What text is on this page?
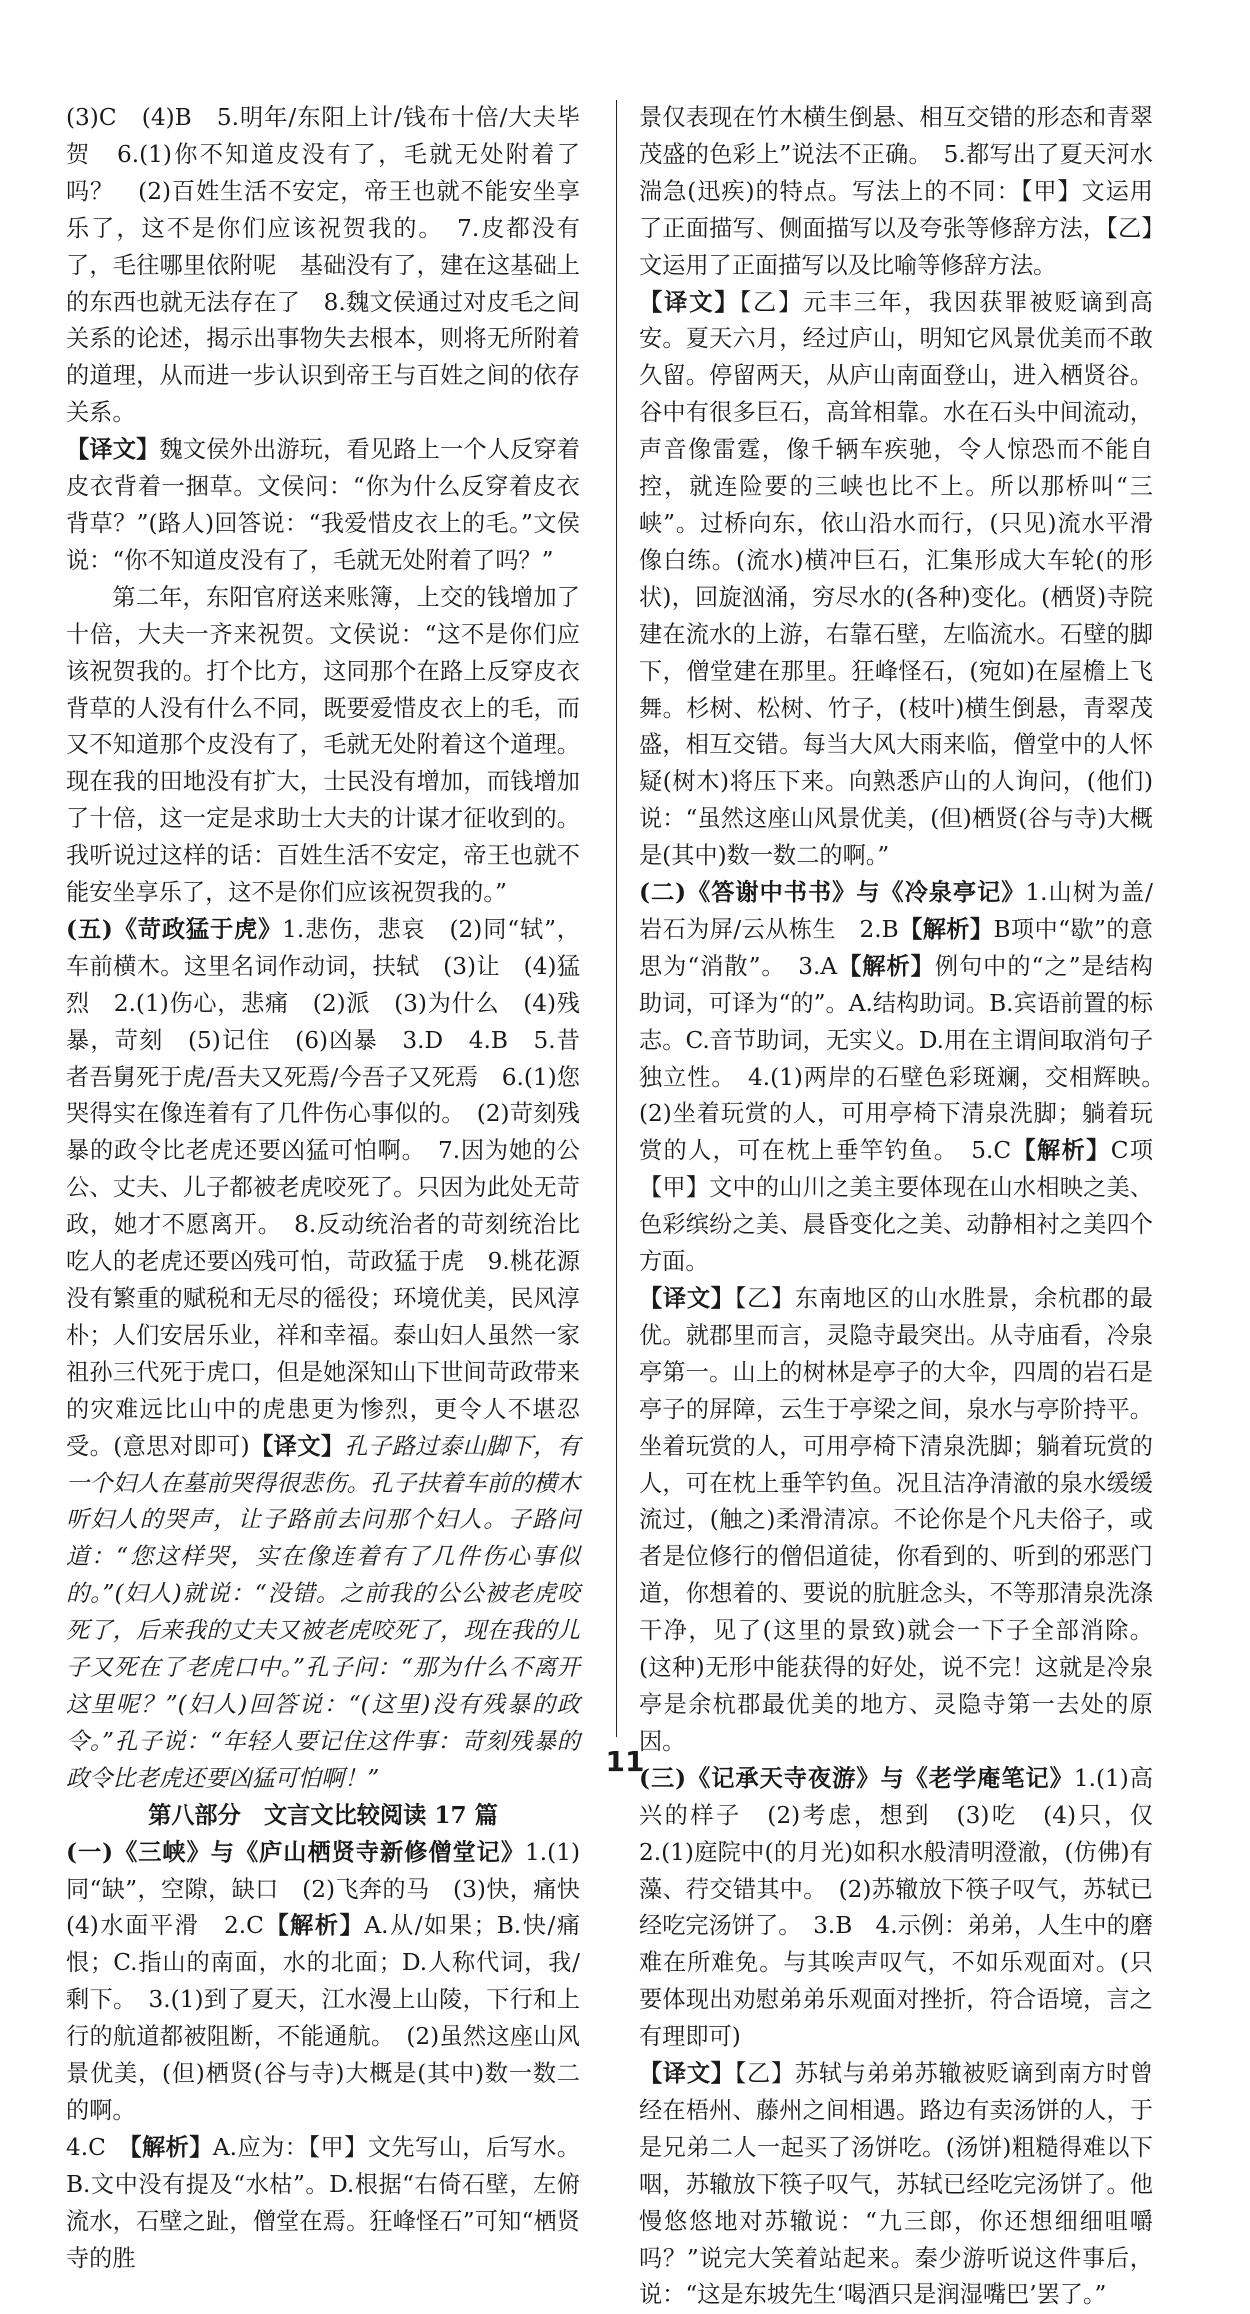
(3)C　(4)B　5.明年/东阳上计/钱布十倍/大夫毕贺　6.(1)你不知道皮没有了，毛就无处附着了吗？　(2)百姓生活不安定，帝王也就不能安坐享乐了，这不是你们应该祝贺我的。　7.皮都没有了，毛往哪里依附呢　基础没有了，建在这基础上的东西也就无法存在了　8.魏文侯通过对皮毛之间关系的论述，揭示出事物失去根本，则将无所附着的道理，从而进一步认识到帝王与百姓之间的依存关系。

【译文】魏文侯外出游玩，看见路上一个人反穿着皮衣背着一捆草。文侯问：“你为什么反穿着皮衣背草？”(路人)回答说：“我爱惜皮衣上的毛。”文侯说：“你不知道皮没有了，毛就无处附着了吗？”

第二年，东阳官府送来账簿，上交的钱增加了十倍，大夫一齐来祝贺。文侯说：“这不是你们应该祝贺我的。打个比方，这同那个在路上反穿皮衣背草的人没有什么不同，既要爱惜皮衣上的毛，而又不知道那个皮没有了，毛就无处附着这个道理。现在我的田地没有扩大，士民没有增加，而钱增加了十倍，这一定是求助士大夫的计谋才征收到的。我听说过这样的话：百姓生活不安定，帝王也就不能安坐享乐了，这不是你们应该祝贺我的。”

(五)《苛政猛于虎》1.悲伤，悲哀　(2)同“轼”，车前横木。这里名词作动词，扶轼　(3)让　(4)猛烈　2.(1)伤心，悲痛　(2)派　(3)为什么　(4)残暴，苛刻　(5)记住　(6)凶暴　3.D　4.B　5.昔者吾舅死于虎/吾夫又死焉/今吾子又死焉　6.(1)您哭得实在像连着有了几件伤心事似的。　(2)苛刻残暴的政令比老虎还要凶猛可怕啊。　7.因为她的公公、丈夫、儿子都被老虎咬死了。只因为此处无苛政，她才不愿离开。　8.反动统治者的苛刻统治比吃人的老虎还要凶残可怕，苛政猛于虎　9.桃花源没有繁重的赋税和无尽的徭役；环境优美，民风淳朴；人们安居乐业，祥和幸福。泰山妇人虽然一家祖孙三代死于虎口，但是她深知山下世间苛政带来的灾难远比山中的虎患更为惨烈，更令人不堪忍受。(意思对即可)【译文】孔子路过泰山脚下，有一个妇人在墓前哭得很悲伤。孔子扶着车前的横木听妇人的哭声，让子路前去问那个妇人。子路问道：“您这样哭，实在像连着有了几件伤心事似的。”(妇人)就说：“没错。之前我的公公被老虎咬死了，后来我的丈夫又被老虎咬死了，现在我的儿子又死在了老虎口中。”孔子问：“那为什么不离开这里呢？”(妇人)回答说：“(这里)没有残暴的政令。”孔子说：“年轻人要记住这件事：苛刻残暴的政令比老虎还要凶猛可怕啊！”

第八部分　文言文比较阅读 17 篇

(一)《三峡》与《庐山栖贤寺新修僧堂记》1.(1)同“缺”，空隙，缺口　(2)飞奔的马　(3)快，痛快　(4)水面平滑　2.C【解析】A.从/如果；B.快/痛恨；C.指山的南面，水的北面；D.人称代词，我/剩下。　3.(1)到了夏天，江水漫上山陵，下行和上行的航道都被阻断，不能通航。　(2)虽然这座山风景优美，(但)栖贤(谷与寺)大概是(其中)数一数二的啊。

4.C　 【解析】A.应为：【甲】文先写山，后写水。B.文中没有提及“水枯”。D.根据“右倚石壁，左俯流水，石壁之趾，僧堂在焉。狂峰怪石”可知“栖贤寺的胜

景仅表现在竹木横生倒悬、相互交错的形态和青翠茂盛的色彩上”说法不正确。　5.都写出了夏天河水湍急(迅疾)的特点。写法上的不同：【甲】文运用了正面描写、侧面描写以及夸张等修辞方法，【乙】文运用了正面描写以及比喻等修辞方法。

【译文】【乙】元丰三年，我因获罪被贬谪到高安。夏天六月，经过庐山，明知它风景优美而不敢久留。停留两天，从庐山南面登山，进入栖贤谷。谷中有很多巨石，高耸相靠。水在石头中间流动，声音像雷霆，像千辆车疾驰，令人惊恐而不能自控，就连险要的三峡也比不上。所以那桥叫“三峡”。过桥向东，依山沿水而行，(只见)流水平滑像白练。(流水)横冲巨石，汇集形成大车轮(的形状)，回旋汹涌，穷尽水的(各种)变化。(栖贤)寺院建在流水的上游，右靠石壁，左临流水。石壁的脚下，僧堂建在那里。狂峰怪石，(宛如)在屋檐上飞舞。杉树、松树、竹子，(枝叶)横生倒悬，青翠茂盛，相互交错。每当大风大雨来临，僧堂中的人怀疑(树木)将压下来。向熟悉庐山的人询问，(他们)说：“虽然这座山风景优美，(但)栖贤(谷与寺)大概是(其中)数一数二的啊。”

(二)《答谢中书书》与《冷泉亭记》1.山树为盖/岩石为屏/云从栋生　2.B【解析】B项中“歇”的意思为“消散”。　3.A【解析】例句中的“之”是结构助词，可译为“的”。A.结构助词。B.宾语前置的标志。C.音节助词，无实义。D.用在主谓间取消句子独立性。　4.(1)两岸的石壁色彩斑斓，交相辉映。　(2)坐着玩赏的人，可用亭椅下清泉洗脚；躺着玩赏的人，可在枕上垂竿钓鱼。　5.C【解析】C项【甲】文中的山川之美主要体现在山水相映之美、色彩缤纷之美、晨昏变化之美、动静相衬之美四个方面。

【译文】【乙】东南地区的山水胜景，余杭郡的最优。就郡里而言，灵隐寺最突出。从寺庙看，冷泉亭第一。山上的树林是亭子的大伞，四周的岩石是亭子的屏障，云生于亭梁之间，泉水与亭阶持平。坐着玩赏的人，可用亭椅下清泉洗脚；躺着玩赏的人，可在枕上垂竿钓鱼。况且洁净清澈的泉水缓缓流过，(触之)柔滑清凉。不论你是个凡夫俗子，或者是位修行的僧侣道徒，你看到的、听到的邪恶门道，你想着的、要说的肮脏念头，不等那清泉洗涤干净，见了(这里的景致)就会一下子全部消除。(这种)无形中能获得的好处，说不完！这就是冷泉亭是余杭郡最优美的地方、灵隐寺第一去处的原因。

(三)《记承天寺夜游》与《老学庵笔记》1.(1)高兴的样子　(2)考虑，想到　(3)吃　(4)只，仅　2.(1)庭院中(的月光)如积水般清明澄澈，(仿佛)有藻、荇交错其中。　(2)苏辙放下筷子叹气，苏轼已经吃完汤饼了。　3.B　4.示例：弟弟，人生中的磨难在所难免。与其唉声叹气，不如乐观面对。(只要体现出劝慰弟弟乐观面对挫折，符合语境，言之有理即可)

【译文】【乙】苏轼与弟弟苏辙被贬谪到南方时曾经在梧州、藤州之间相遇。路边有卖汤饼的人，于是兄弟二人一起买了汤饼吃。(汤饼)粗糙得难以下咽，苏辙放下筷子叹气，苏轼已经吃完汤饼了。他慢悠悠地对苏辙说：“九三郎，你还想细细咀嚼吗？”说完大笑着站起来。秦少游听说这件事后，说：“这是东坡先生‘喝酒只是润湿嘴巴’罢了。”

11
